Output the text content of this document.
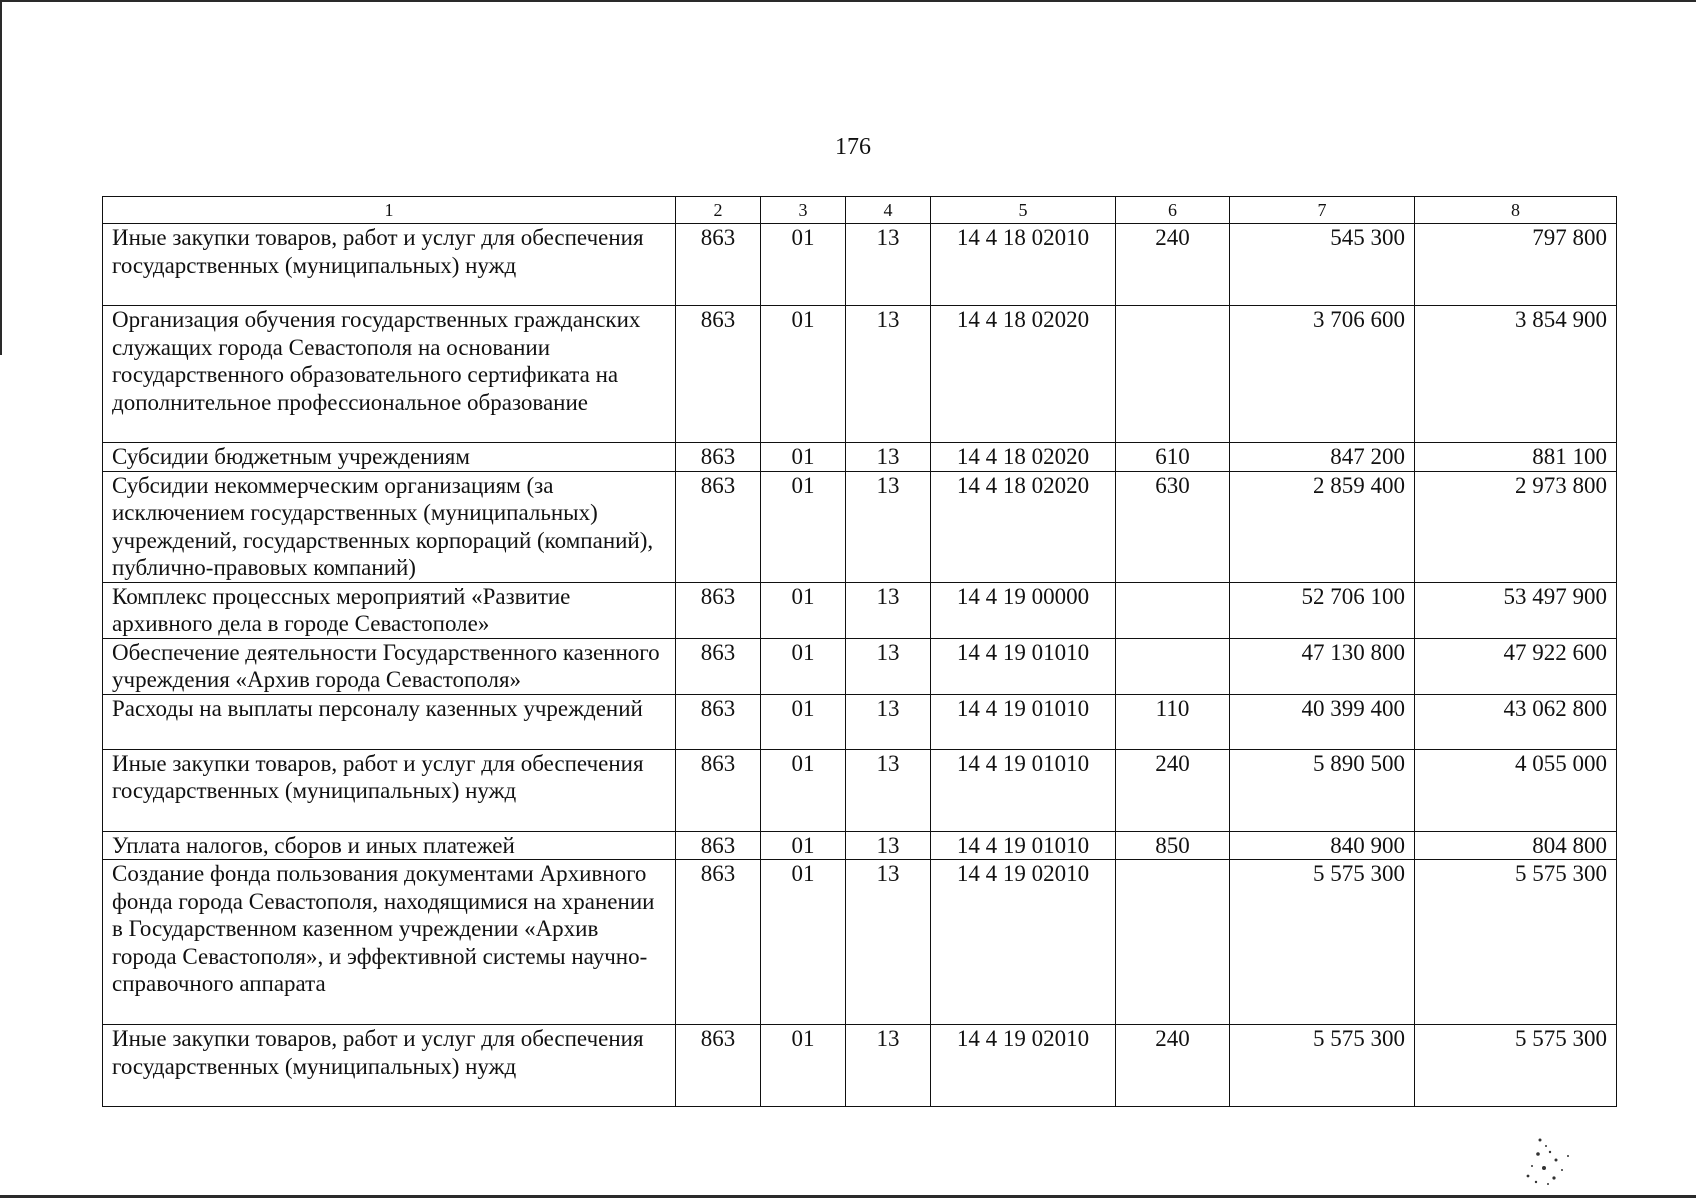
176
1	2	3	4	5	6	7	8
Иные закупки товаров, работ и услуг для обеспечения государственных (муниципальных) нужд	863	01	13	14 4 18 02010	240	545 300	797 800
Организация обучения государственных гражданских служащих города Севастополя на основании государственного образовательного сертификата на дополнительное профессиональное образование	863	01	13	14 4 18 02020		3 706 600	3 854 900
Субсидии бюджетным учреждениям	863	01	13	14 4 18 02020	610	847 200	881 100
Субсидии некоммерческим организациям (за исключением государственных (муниципальных) учреждений, государственных корпораций (компаний), публично-правовых компаний)	863	01	13	14 4 18 02020	630	2 859 400	2 973 800
Комплекс процессных мероприятий «Развитие архивного дела в городе Севастополе»	863	01	13	14 4 19 00000		52 706 100	53 497 900
Обеспечение деятельности Государственного казенного учреждения «Архив города Севастополя»	863	01	13	14 4 19 01010		47 130 800	47 922 600
Расходы на выплаты персоналу казенных учреждений	863	01	13	14 4 19 01010	110	40 399 400	43 062 800
Иные закупки товаров, работ и услуг для обеспечения государственных (муниципальных) нужд	863	01	13	14 4 19 01010	240	5 890 500	4 055 000
Уплата налогов, сборов и иных платежей	863	01	13	14 4 19 01010	850	840 900	804 800
Создание фонда пользования документами Архивного фонда города Севастополя, находящимися на хранении в Государственном казенном учреждении «Архив города Севастополя», и эффективной системы научно-справочного аппарата	863	01	13	14 4 19 02010		5 575 300	5 575 300
Иные закупки товаров, работ и услуг для обеспечения государственных (муниципальных) нужд	863	01	13	14 4 19 02010	240	5 575 300	5 575 300
